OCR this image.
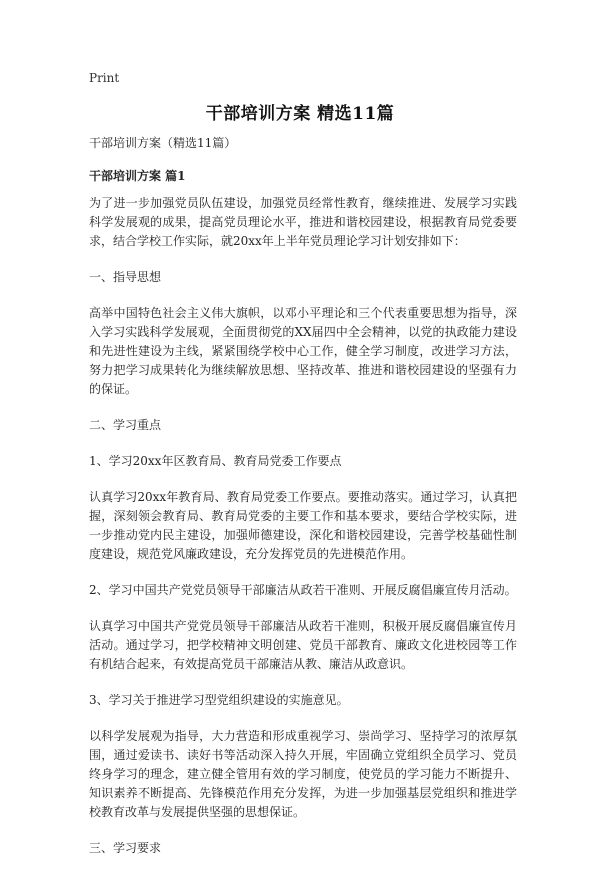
Print
干部培训方案 精选11篇

干部培训方案（精选11篇）

干部培训方案 篇1

为了进一步加强党员队伍建设，加强党员经常性教育，继续推进、发展学习实践科学发展观的成果，提高党员理论水平，推进和谐校园建设，根据教育局党委要求，结合学校工作实际，就20xx年上半年党员理论学习计划安排如下：

一、指导思想

高举中国特色社会主义伟大旗帜，以邓小平理论和三个代表重要思想为指导，深入学习实践科学发展观，全面贯彻党的XX届四中全会精神，以党的执政能力建设和先进性建设为主线，紧紧围绕学校中心工作，健全学习制度，改进学习方法，努力把学习成果转化为继续解放思想、坚持改革、推进和谐校园建设的坚强有力的保证。

二、学习重点

1、学习20xx年区教育局、教育局党委工作要点

认真学习20xx年教育局、教育局党委工作要点。要推动落实。通过学习，认真把握，深刻领会教育局、教育局党委的主要工作和基本要求，要结合学校实际，进一步推动党内民主建设，加强师德建设，深化和谐校园建设，完善学校基础性制度建设，规范党风廉政建设，充分发挥党员的先进模范作用。

2、学习中国共产党党员领导干部廉洁从政若干准则、开展反腐倡廉宣传月活动。

认真学习中国共产党党员领导干部廉洁从政若干准则，积极开展反腐倡廉宣传月活动。通过学习，把学校精神文明创建、党员干部教育、廉政文化进校园等工作有机结合起来，有效提高党员干部廉洁从教、廉洁从政意识。

3、学习关于推进学习型党组织建设的实施意见。

以科学发展观为指导，大力营造和形成重视学习、崇尚学习、坚持学习的浓厚氛围，通过爱读书、读好书等活动深入持久开展，牢固确立党组织全员学习、党员终身学习的理念，建立健全管用有效的学习制度，使党员的学习能力不断提升、知识素养不断提高、先锋模范作用充分发挥，为进一步加强基层党组织和推进学校教育改革与发展提供坚强的思想保证。

三、学习要求
